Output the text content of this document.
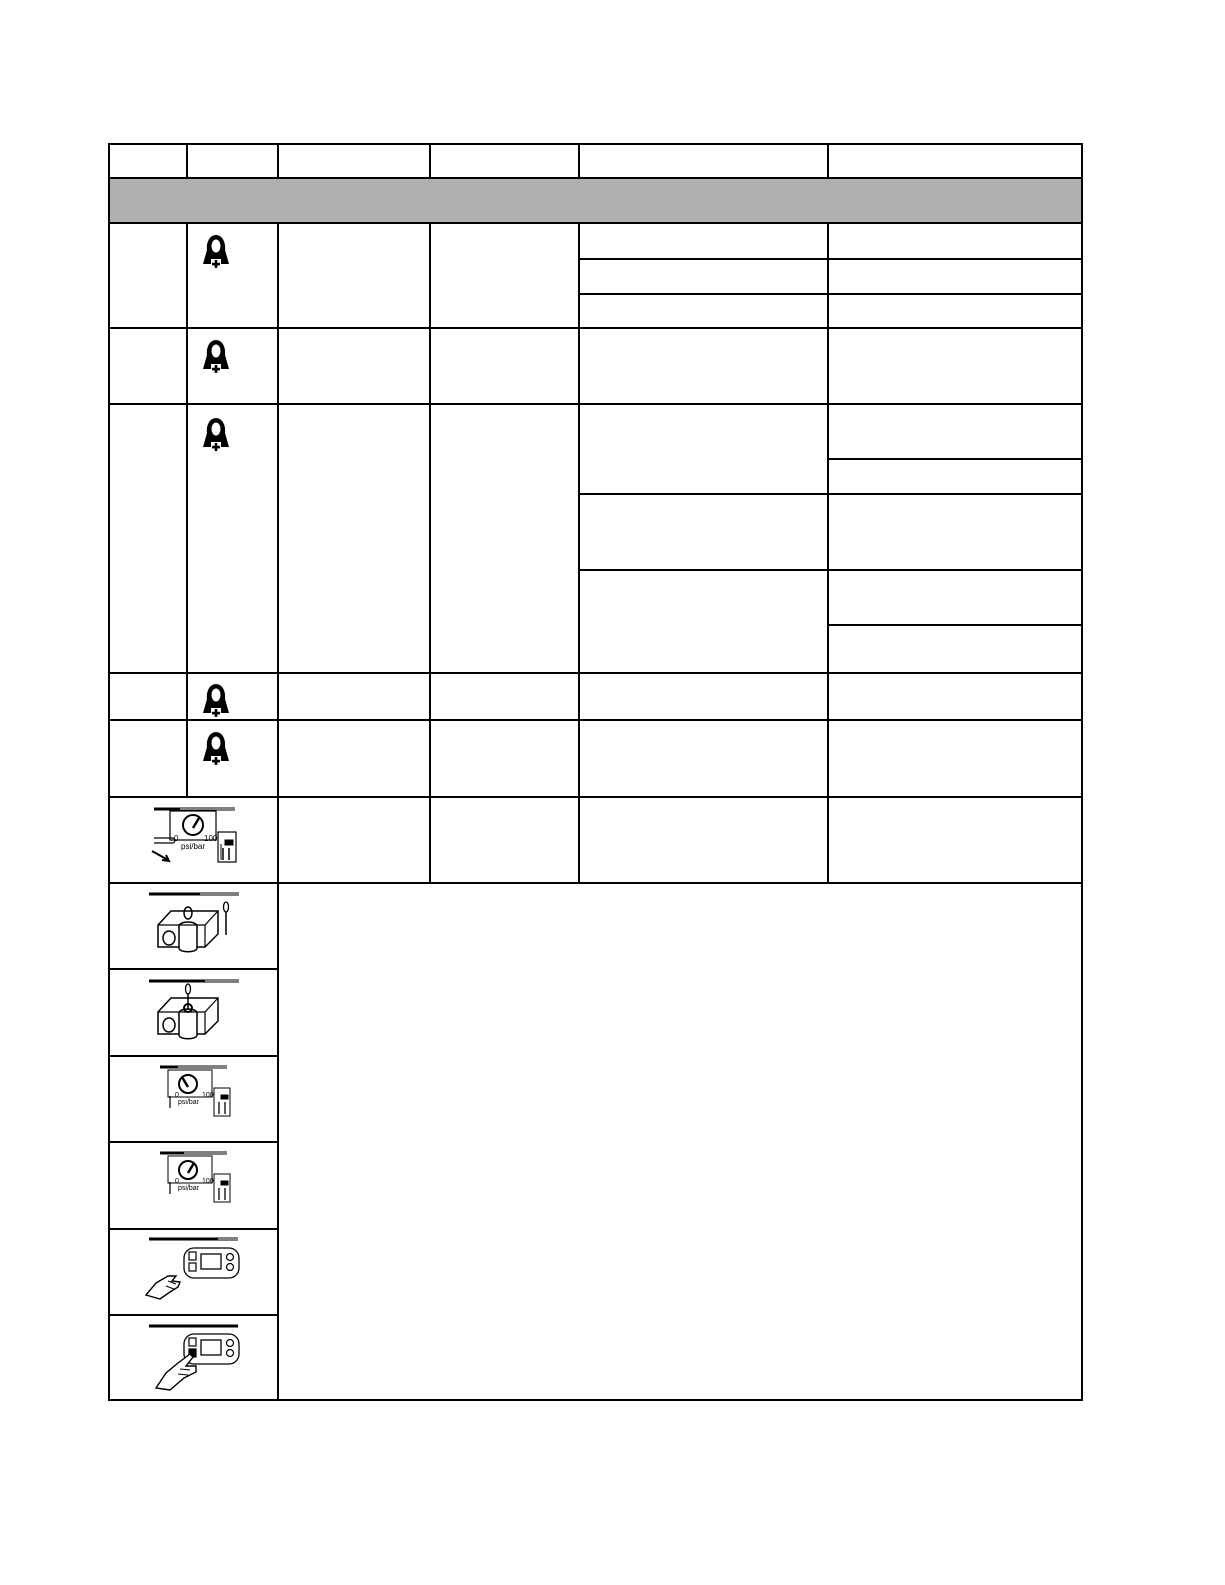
0	100
psi/bar
0	100
psi/bar
0	100
psi/bar
